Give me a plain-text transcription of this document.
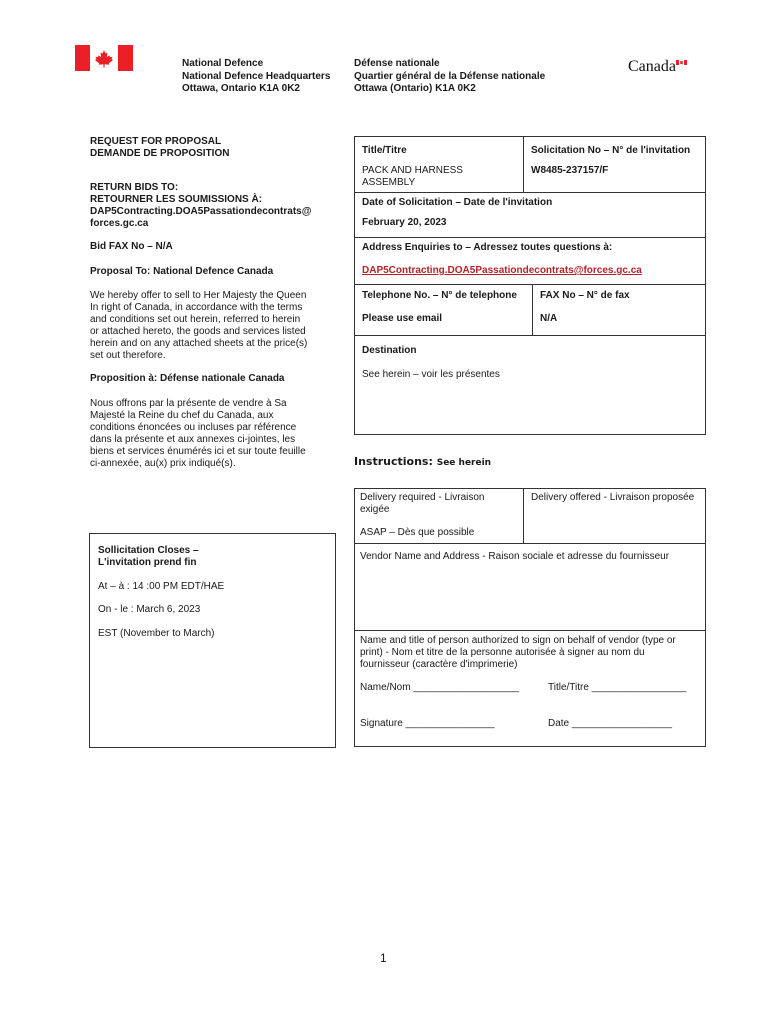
National Defence
National Defence Headquarters
Ottawa, Ontario K1A 0K2
Défense nationale
Quartier général de la Défense nationale
Ottawa (Ontario) K1A 0K2
Canada
REQUEST FOR PROPOSAL
DEMANDE DE PROPOSITION
RETURN BIDS TO:
RETOURNER LES SOUMISSIONS À:
DAP5Contracting.DOA5Passationdecontrats@
forces.gc.ca
Bid FAX No – N/A
Proposal To: National Defence Canada
We hereby offer to sell to Her Majesty the Queen
In right of Canada, in accordance with the terms
and conditions set out herein, referred to herein
or attached hereto, the goods and services listed
herein and on any attached sheets at the price(s)
set out therefore.
Proposition à: Défense nationale Canada
Nous offrons par la présente de vendre à Sa
Majesté la Reine du chef du Canada, aux
conditions énoncées ou incluses par référence
dans la présente et aux annexes ci-jointes, les
biens et services énumérés ici et sur toute feuille
ci-annexée, au(x) prix indiqué(s).
Sollicitation Closes –
L'invitation prend fin
At – à : 14 :00 PM EDT/HAE
On - le : March 6, 2023
EST (November to March)
Title/Titre
PACK AND HARNESS
ASSEMBLY
Solicitation No – N° de l'invitation
W8485-237157/F
Date of Solicitation – Date de l'invitation
February 20, 2023
Address Enquiries to – Adressez toutes questions à:
DAP5Contracting.DOA5Passationdecontrats@forces.gc.ca
Telephone No. – N° de telephone
Please use email
FAX No – N° de fax
N/A
Destination
See herein – voir les présentes
Instructions: See herein
Delivery required - Livraison
exigée
Delivery offered - Livraison proposée
ASAP – Dès que possible
Vendor Name and Address - Raison sociale et adresse du fournisseur
Name and title of person authorized to sign on behalf of vendor (type or
print) - Nom et titre de la personne autorisée à signer au nom du
fournisseur (caractère d'imprimerie)
Name/Nom ___________________	Title/Titre _________________
Signature ________________	Date __________________
1
